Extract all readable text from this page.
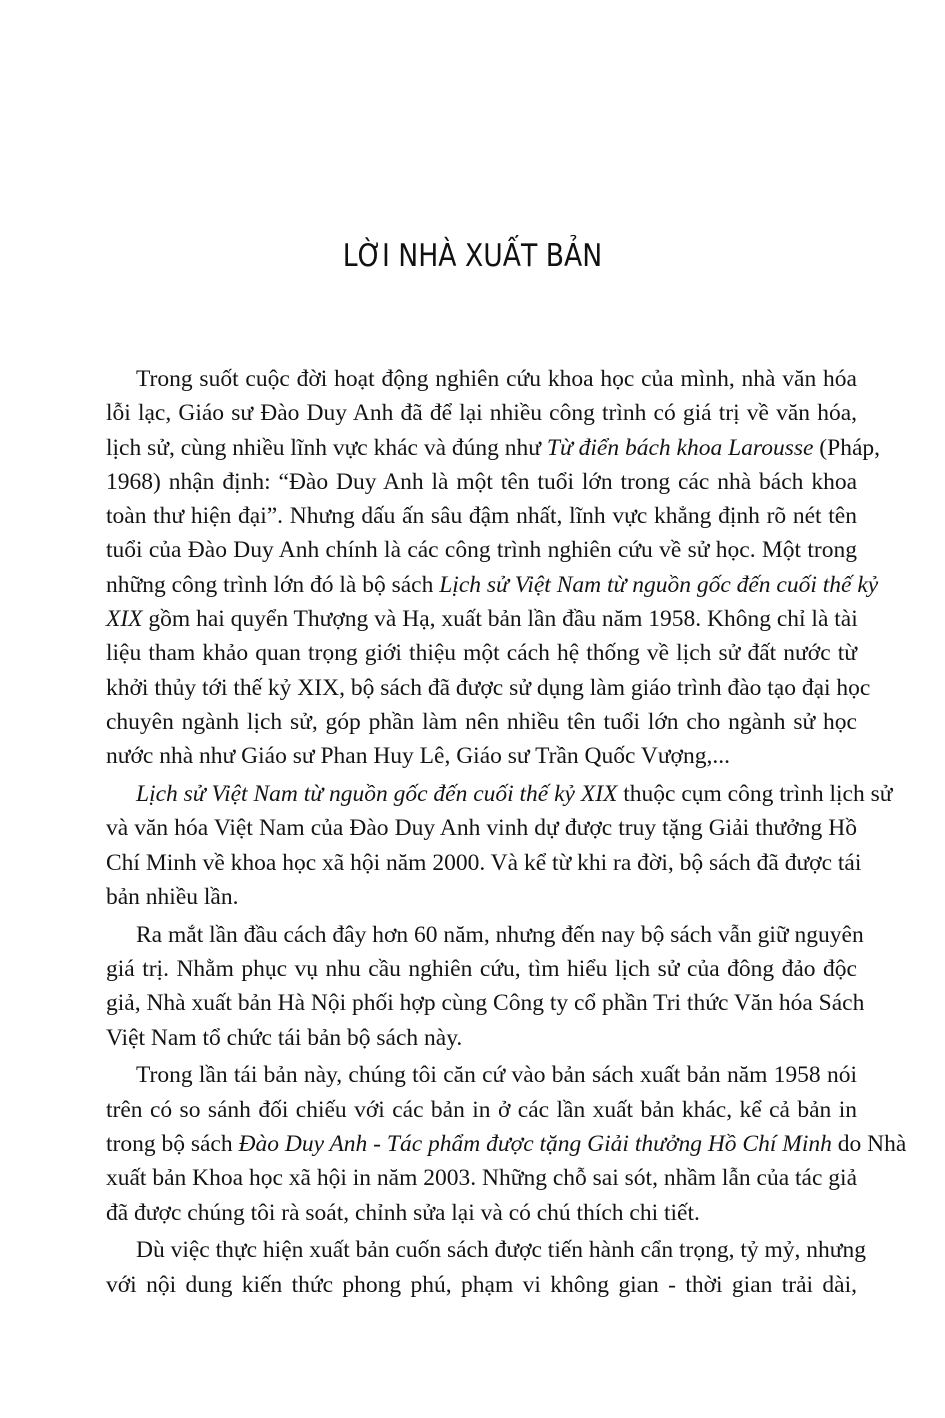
LỜI NHÀ XUẤT BẢN
Trong suốt cuộc đời hoạt động nghiên cứu khoa học của mình, nhà văn hóa
lỗi lạc, Giáo sư Đào Duy Anh đã để lại nhiều công trình có giá trị về văn hóa,
lịch sử, cùng nhiều lĩnh vực khác và đúng như Từ điển bách khoa Larousse (Pháp,
1968) nhận định: “Đào Duy Anh là một tên tuổi lớn trong các nhà bách khoa
toàn thư hiện đại”. Nhưng dấu ấn sâu đậm nhất, lĩnh vực khẳng định rõ nét tên
tuổi của Đào Duy Anh chính là các công trình nghiên cứu về sử học. Một trong
những công trình lớn đó là bộ sách Lịch sử Việt Nam từ nguồn gốc đến cuối thế kỷ
XIX gồm hai quyển Thượng và Hạ, xuất bản lần đầu năm 1958. Không chỉ là tài
liệu tham khảo quan trọng giới thiệu một cách hệ thống về lịch sử đất nước từ
khởi thủy tới thế kỷ XIX, bộ sách đã được sử dụng làm giáo trình đào tạo đại học
chuyên ngành lịch sử, góp phần làm nên nhiều tên tuổi lớn cho ngành sử học
nước nhà như Giáo sư Phan Huy Lê, Giáo sư Trần Quốc Vượng,...
Lịch sử Việt Nam từ nguồn gốc đến cuối thế kỷ XIX thuộc cụm công trình lịch sử
và văn hóa Việt Nam của Đào Duy Anh vinh dự được truy tặng Giải thưởng Hồ
Chí Minh về khoa học xã hội năm 2000. Và kể từ khi ra đời, bộ sách đã được tái
bản nhiều lần.
Ra mắt lần đầu cách đây hơn 60 năm, nhưng đến nay bộ sách vẫn giữ nguyên
giá trị. Nhằm phục vụ nhu cầu nghiên cứu, tìm hiểu lịch sử của đông đảo độc
giả, Nhà xuất bản Hà Nội phối hợp cùng Công ty cổ phần Tri thức Văn hóa Sách
Việt Nam tổ chức tái bản bộ sách này.
Trong lần tái bản này, chúng tôi căn cứ vào bản sách xuất bản năm 1958 nói
trên có so sánh đối chiếu với các bản in ở các lần xuất bản khác, kể cả bản in
trong bộ sách Đào Duy Anh - Tác phẩm được tặng Giải thưởng Hồ Chí Minh do Nhà
xuất bản Khoa học xã hội in năm 2003. Những chỗ sai sót, nhầm lẫn của tác giả
đã được chúng tôi rà soát, chỉnh sửa lại và có chú thích chi tiết.
Dù việc thực hiện xuất bản cuốn sách được tiến hành cẩn trọng, tỷ mỷ, nhưng
với nội dung kiến thức phong phú, phạm vi không gian - thời gian trải dài,
